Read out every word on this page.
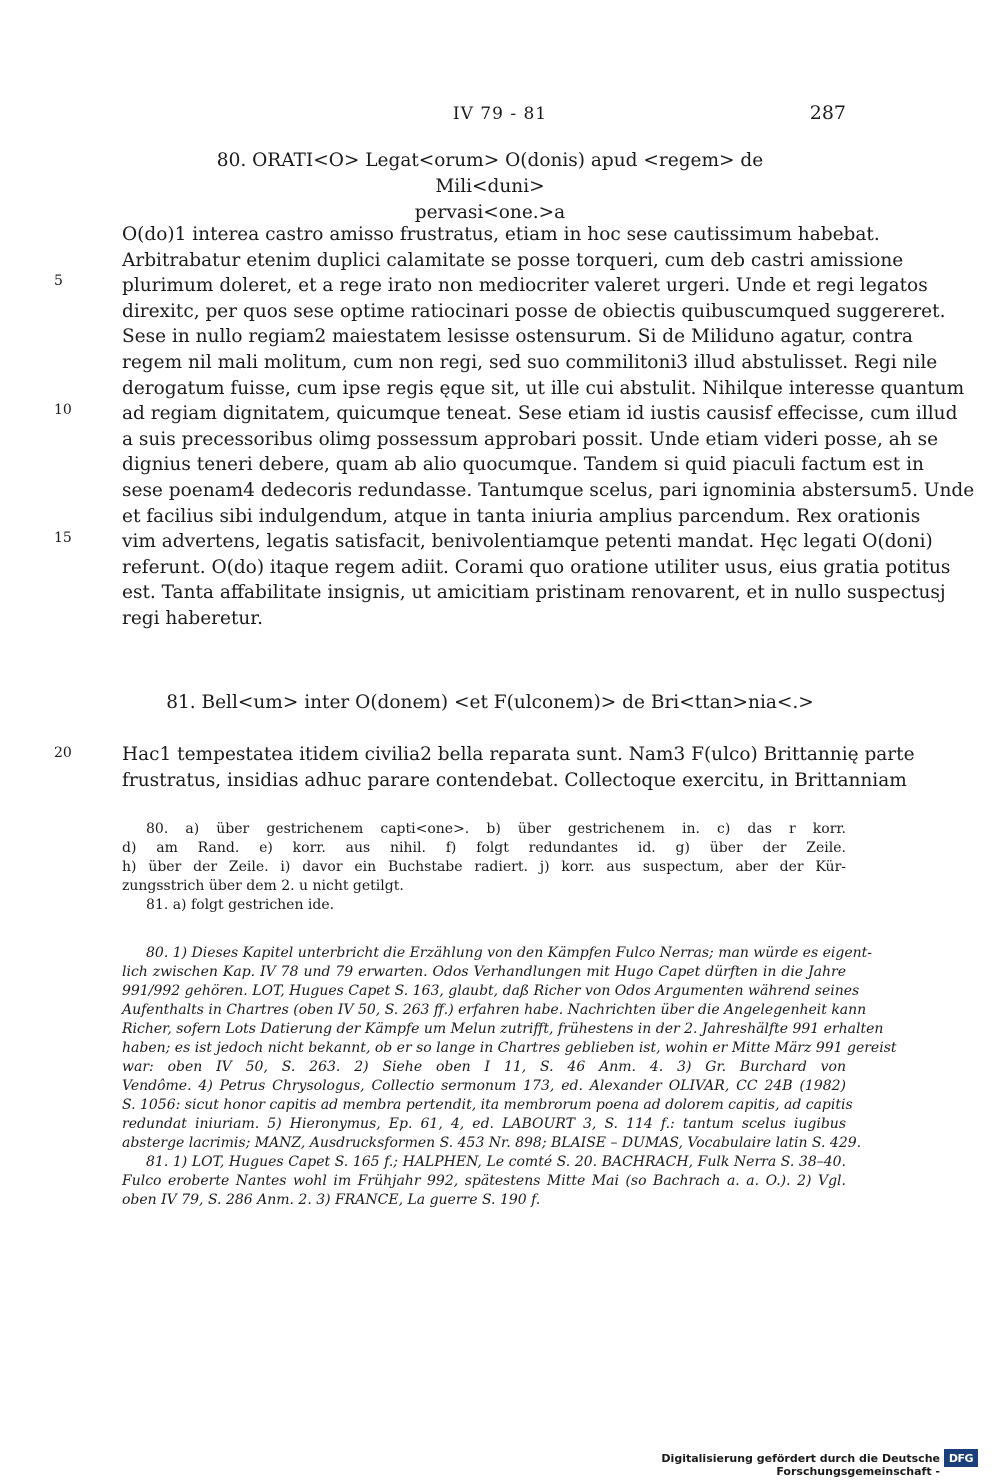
IV 79 - 81	287
80. ORATI<O> Legat<orum> O(donis) apud <regem> de Mili<duni>
pervasi<one.>a
O(do)1 interea castro amisso frustratus, etiam in hoc sese cautissimum habebat.
Arbitrabatur etenim duplici calamitate se posse torqueri, cum deb castri amissione
plurimum doleret, et a rege irato non mediocriter valeret urgeri. Unde et regi legatos
direxitc, per quos sese optime ratiocinari posse de obiectis quibuscumqued suggereret.
Sese in nullo regiam2 maiestatem lesisse ostensurum. Si de Miliduno agatur, contra
regem nil mali molitum, cum non regi, sed suo commilitoni3 illud abstulisset. Regi nile
derogatum fuisse, cum ipse regis ęque sit, ut ille cui abstulit. Nihilque interesse quantum
ad regiam dignitatem, quicumque teneat. Sese etiam id iustis causisf effecisse, cum illud
a suis precessoribus olimg possessum approbari possit. Unde etiam videri posse, ah se
dignius teneri debere, quam ab alio quocumque. Tandem si quid piaculi factum est in
sese poenam4 dedecoris redundasse. Tantumque scelus, pari ignominia abstersum5. Unde
et facilius sibi indulgendum, atque in tanta iniuria amplius parcendum. Rex orationis
vim advertens, legatis satisfacit, benivolentiamque petenti mandat. Hęc legati O(doni)
referunt. O(do) itaque regem adiit. Corami quo oratione utiliter usus, eius gratia potitus
est. Tanta affabilitate insignis, ut amicitiam pristinam renovarent, et in nullo suspectusj
regi haberetur.
5
10
15
81. Bell<um> inter O(donem) <et F(ulconem)> de Bri<ttan>nia<.>
Hac1 tempestatea itidem civilia2 bella reparata sunt. Nam3 F(ulco) Brittannię parte
frustratus, insidias adhuc parare contendebat. Collectoque exercitu, in Brittanniam
20
80. a) über gestrichenem capti<one>. b) über gestrichenem in. c) das r korr.
d) am Rand. e) korr. aus nihil. f) folgt redundantes id. g) über der Zeile.
h) über der Zeile. i) davor ein Buchstabe radiert. j) korr. aus suspectum, aber der Kür-
zungsstrich über dem 2. u nicht getilgt.
81. a) folgt gestrichen ide.
80. 1) Dieses Kapitel unterbricht die Erzählung von den Kämpfen Fulco Nerras; man würde es eigent-
lich zwischen Kap. IV 78 und 79 erwarten. Odos Verhandlungen mit Hugo Capet dürften in die Jahre
991/992 gehören. LOT, Hugues Capet S. 163, glaubt, daß Richer von Odos Argumenten während seines
Aufenthalts in Chartres (oben IV 50, S. 263 ff.) erfahren habe. Nachrichten über die Angelegenheit kann
Richer, sofern Lots Datierung der Kämpfe um Melun zutrifft, frühestens in der 2. Jahreshälfte 991 erhalten
haben; es ist jedoch nicht bekannt, ob er so lange in Chartres geblieben ist, wohin er Mitte März 991 gereist
war: oben IV 50, S. 263. 2) Siehe oben I 11, S. 46 Anm. 4. 3) Gr. Burchard von
Vendôme. 4) Petrus Chrysologus, Collectio sermonum 173, ed. Alexander OLIVAR, CC 24B (1982)
S. 1056: sicut honor capitis ad membra pertendit, ita membrorum poena ad dolorem capitis, ad capitis
redundat iniuriam. 5) Hieronymus, Ep. 61, 4, ed. LABOURT 3, S. 114 f.: tantum scelus iugibus
absterge lacrimis; MANZ, Ausdrucksformen S. 453 Nr. 898; BLAISE – DUMAS, Vocabulaire latin S. 429.
81. 1) LOT, Hugues Capet S. 165 f.; HALPHEN, Le comté S. 20. BACHRACH, Fulk Nerra S. 38–40.
Fulco eroberte Nantes wohl im Frühjahr 992, spätestens Mitte Mai (so Bachrach a. a. O.). 2) Vgl.
oben IV 79, S. 286 Anm. 2. 3) FRANCE, La guerre S. 190 f.
Digitalisierung gefördert durch die Deutsche Forschungsgemeinschaft -
DFG
